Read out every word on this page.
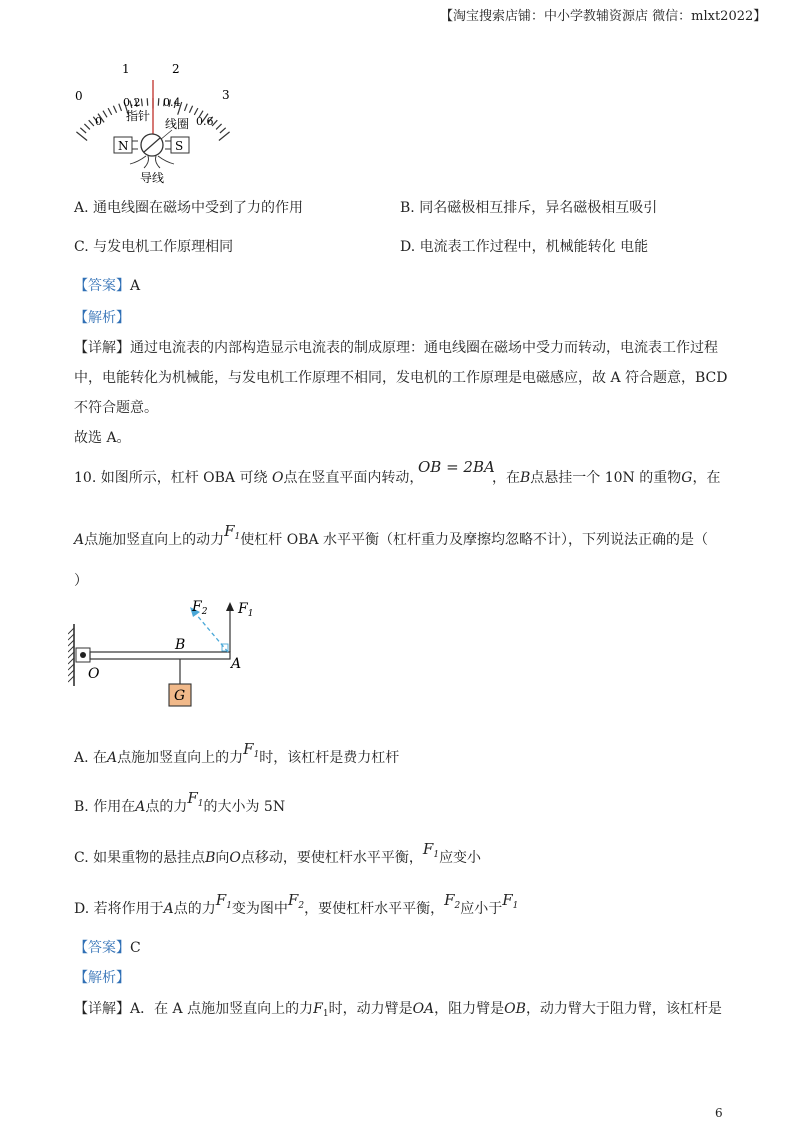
【淘宝搜索店铺：中小学教辅资源店 微信：mlxt2022】
0
1	2
3
0
0.2 0.4
0.6
指针
线圈
N	S
导线
A. 通电线圈在磁场中受到了力的作用	B. 同名磁极相互排斥，异名磁极相互吸引
C. 与发电机工作原理相同	D. 电流表工作过程中，机械能转化 电能
【答案】A
【解析】
【详解】通过电流表的内部构造显示电流表的制成原理：通电线圈在磁场中受力而转动，电流表工作过程
中，电能转化为机械能，与发电机工作原理不相同，发电机的工作原理是电磁感应，故 A 符合题意，BCD
不符合题意。
故选 A。
10. 如图所示，杠杆 OBA 可绕 O点在竖直平面内转动，
OB = 2BA
，在B点悬挂一个 10N 的重物G，在
A点施加竖直向上的动力$F_1$使杠杆 OBA 水平平衡（杠杆重力及摩擦均忽略不计），下列说法正确的是（
）
G
$F_1$
$F_2$
B
O
A
A. 在A点施加竖直向上的力$F_1$时，该杠杆是费力杠杆
B. 作用在A点的力$F_1$的大小为 5N
C. 如果重物的悬挂点B向O点移动，要使杠杆水平平衡，$F_1$应变小
D. 若将作用于A点的力$F_1$变为图中$F_2$，要使杠杆水平平衡，$F_2$应小于$F_1$
【答案】C
【解析】
【详解】A．在 A 点施加竖直向上的力$F_1$时，动力臂是OA，阻力臂是OB，动力臂大于阻力臂，该杠杆是
6
